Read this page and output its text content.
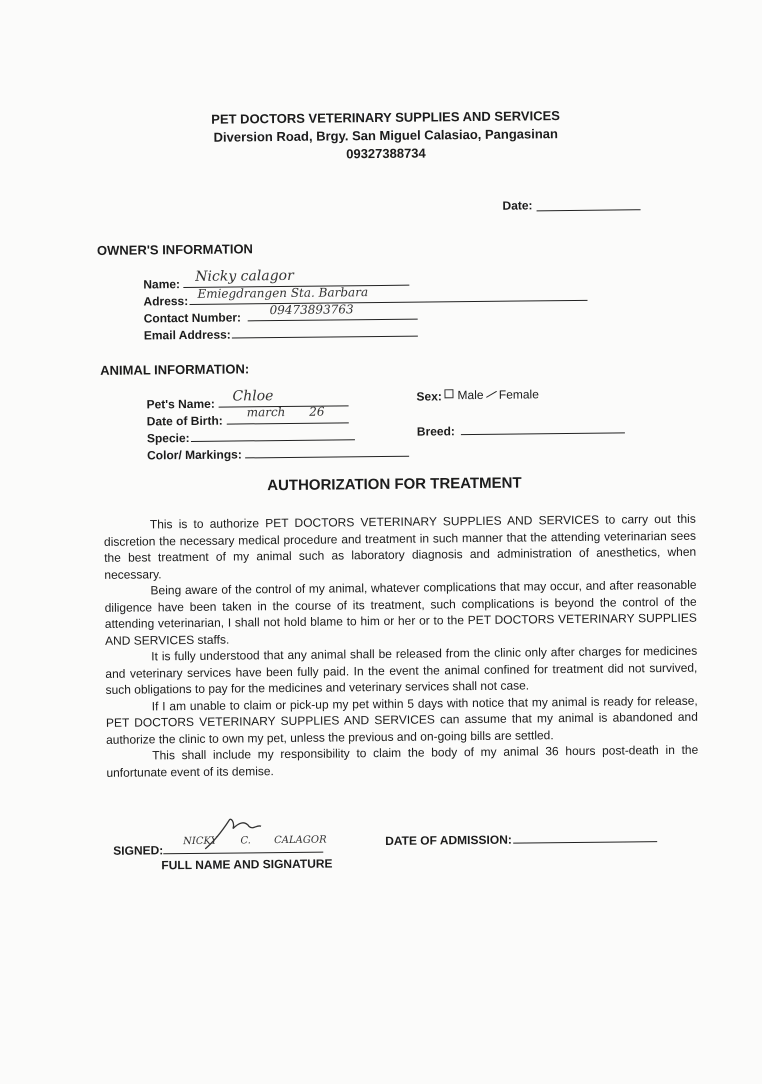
PET DOCTORS VETERINARY SUPPLIES AND SERVICES
Diversion Road, Brgy. San Miguel Calasiao, Pangasinan
09327388734
Date:
OWNER'S INFORMATION
Name: Nicky calagor
Adress:
Emiegdrangen Sta. Barbara
Contact Number:
09473893763
Email Address:
ANIMAL INFORMATION:
Pet's Name: Chloe
Date of Birth:
march 26
Specie:
Color/ Markings:
Sex:	Male Female
Breed:
AUTHORIZATION FOR TREATMENT

This is to authorize PET DOCTORS VETERINARY SUPPLIES AND SERVICES to carry out this discretion the necessary medical procedure and treatment in such manner that the attending veterinarian sees the best treatment of my animal such as laboratory diagnosis and administration of anesthetics, when necessary.

Being aware of the control of my animal, whatever complications that may occur, and after reasonable diligence have been taken in the course of its treatment, such complications is beyond the control of the attending veterinarian, I shall not hold blame to him or her or to the PET DOCTORS VETERINARY SUPPLIES AND SERVICES staffs.

It is fully understood that any animal shall be released from the clinic only after charges for medicines and veterinary services have been fully paid. In the event the animal confined for treatment did not survived, such obligations to pay for the medicines and veterinary services shall not case.

If I am unable to claim or pick-up my pet within 5 days with notice that my animal is ready for release, PET DOCTORS VETERINARY SUPPLIES AND SERVICES can assume that my animal is abandoned and authorize the clinic to own my pet, unless the previous and on-going bills are settled.

This shall include my responsibility to claim the body of my animal 36 hours post-death in the unfortunate event of its demise.

SIGNED:
NICKY C. CALAGOR
FULL NAME AND SIGNATURE
DATE OF ADMISSION:
